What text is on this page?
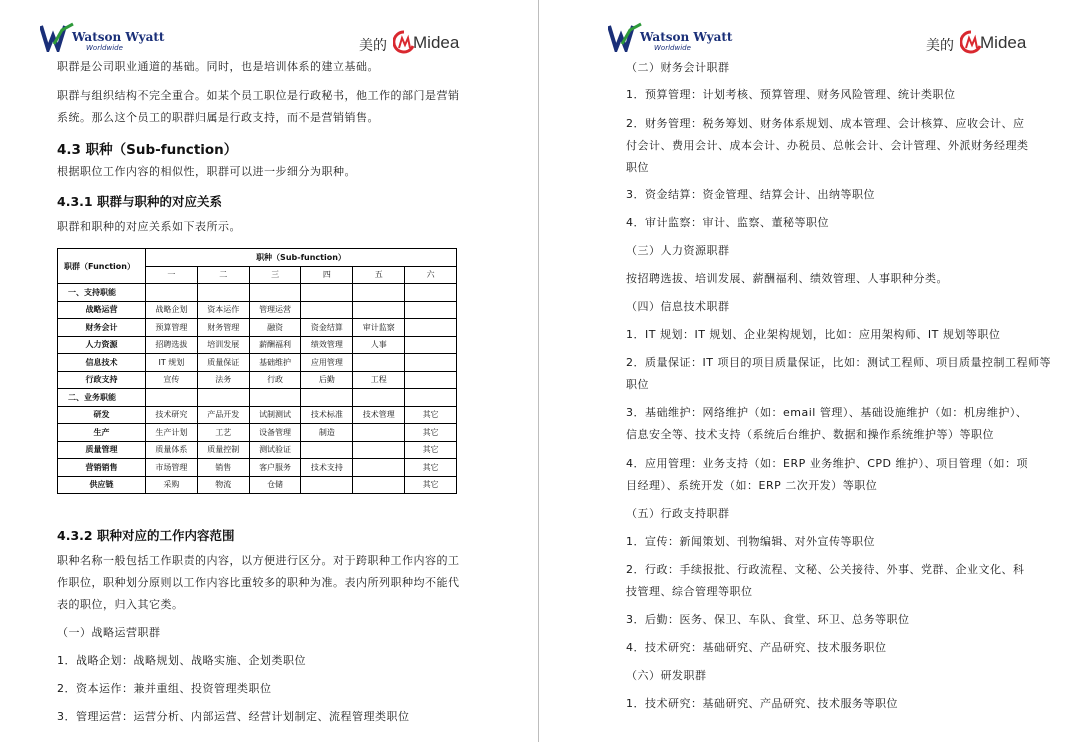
Watson Wyatt
Worldwide	美的 Midea

职群是公司职业通道的基础。同时，也是培训体系的建立基础。

职群与组织结构不完全重合。如某个员工职位是行政秘书，他工作的部门是营销

系统。那么这个员工的职群归属是行政支持，而不是营销销售。

4.3 职种（Sub-function）

根据职位工作内容的相似性，职群可以进一步细分为职种。

4.3.1 职群与职种的对应关系

职群和职种的对应关系如下表所示。

职群（Function）	职种（Sub-function）					
	一	二	三	四	五	六
一、支持职能						
战略运营	战略企划	资本运作	管理运营			
财务会计	预算管理	财务管理	融资	资金结算	审计监察	
人力资源	招聘选拔	培训发展	薪酬福利	绩效管理	人事	
信息技术	IT 规划	质量保证	基础维护	应用管理		
行政支持	宣传	法务	行政	后勤	工程	
二、业务职能						
研发	技术研究	产品开发	试制测试	技术标准	技术管理	其它
生产	生产计划	工艺	设备管理	制造		其它
质量管理	质量体系	质量控制	测试验证			其它
营销销售	市场管理	销售	客户服务	技术支持		其它
供应链	采购	物流	仓储			其它

4.3.2 职种对应的工作内容范围

职种名称一般包括工作职责的内容，以方便进行区分。对于跨职种工作内容的工

作职位，职种划分原则以工作内容比重较多的职种为准。表内所列职种均不能代

表的职位，归入其它类。

（一）战略运营职群

1．战略企划：战略规划、战略实施、企划类职位

2．资本运作：兼并重组、投资管理类职位

3．管理运营：运营分析、内部运营、经营计划制定、流程管理类职位

Watson Wyatt
Worldwide	美的 Midea

（二）财务会计职群

1．预算管理：计划考核、预算管理、财务风险管理、统计类职位

2．财务管理：税务筹划、财务体系规划、成本管理、会计核算、应收会计、应

付会计、费用会计、成本会计、办税员、总帐会计、会计管理、外派财务经理类

职位

3．资金结算：资金管理、结算会计、出纳等职位

4．审计监察：审计、监察、董秘等职位

（三）人力资源职群

按招聘选拔、培训发展、薪酬福利、绩效管理、人事职种分类。

（四）信息技术职群

1．IT 规划：IT 规划、企业架构规划，比如：应用架构师、IT 规划等职位

2．质量保证：IT 项目的项目质量保证，比如：测试工程师、项目质量控制工程师等

职位

3．基础维护：网络维护（如：email 管理）、基础设施维护（如：机房维护）、

信息安全等、技术支持（系统后台维护、数据和操作系统维护等）等职位

4．应用管理：业务支持（如：ERP 业务维护、CPD 维护）、项目管理（如：项

目经理）、系统开发（如：ERP 二次开发）等职位

（五）行政支持职群

1．宣传：新闻策划、刊物编辑、对外宣传等职位

2．行政：手续报批、行政流程、文秘、公关接待、外事、党群、企业文化、科

技管理、综合管理等职位

3．后勤：医务、保卫、车队、食堂、环卫、总务等职位

4．技术研究：基础研究、产品研究、技术服务职位

（六）研发职群

1．技术研究：基础研究、产品研究、技术服务等职位
